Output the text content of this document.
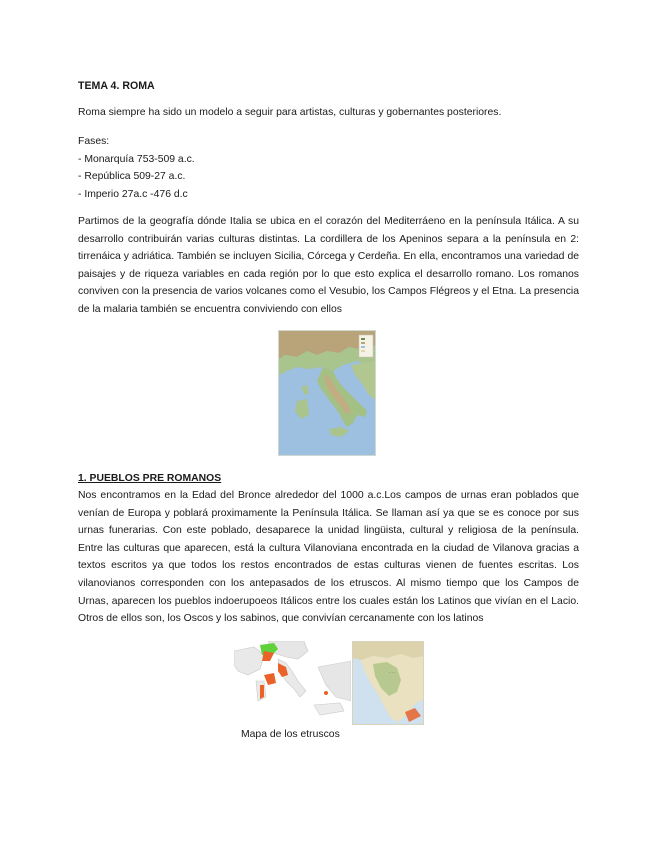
TEMA 4. ROMA

Roma siempre ha sido un modelo a seguir para artistas, culturas y gobernantes posteriores.

Fases:
- Monarquía 753-509 a.c.
- República 509-27 a.c.
- Imperio 27a.c -476 d.c

Partimos de la geografía dónde Italia se ubica en el corazón del Mediterráeno en la península Itálica. A su desarrollo contribuirán varias culturas distintas. La cordillera de los Apeninos separa a la península en 2: tirrenáica y adriática. También se incluyen Sicilia, Córcega y Cerdeña. En ella, encontramos una variedad de paisajes y de riqueza variables en cada región por lo que esto explica el desarrollo romano. Los romanos conviven con la presencia de varios volcanes como el Vesubio, los Campos Flégreos y el Etna. La presencia de la malaria también se encuentra conviviendo con ellos

1. PUEBLOS PRE ROMANOS

Nos encontramos en la Edad del Bronce alrededor del 1000 a.c.Los campos de urnas eran poblados que venían de Europa y poblará proximamente la Península Itálica. Se llaman así ya que se es conoce por sus urnas funerarias. Con este poblado, desaparece la unidad lingüista, cultural y religiosa de la península. Entre las culturas que aparecen, está la cultura Vilanoviana encontrada en la ciudad de Vilanova gracias a textos escritos ya que todos los restos encontrados de estas culturas vienen de fuentes escritas. Los vilanovianos corresponden con los antepasados de los etruscos. Al mismo tiempo que los Campos de Urnas, aparecen los pueblos indoerupoeos Itálicos entre los cuales están los Latinos que vivían en el Lacio. Otros de ellos son, los Oscos y los sabinos, que convivían cercanamente con los latinos

· · ·

Mapa de los etruscos
